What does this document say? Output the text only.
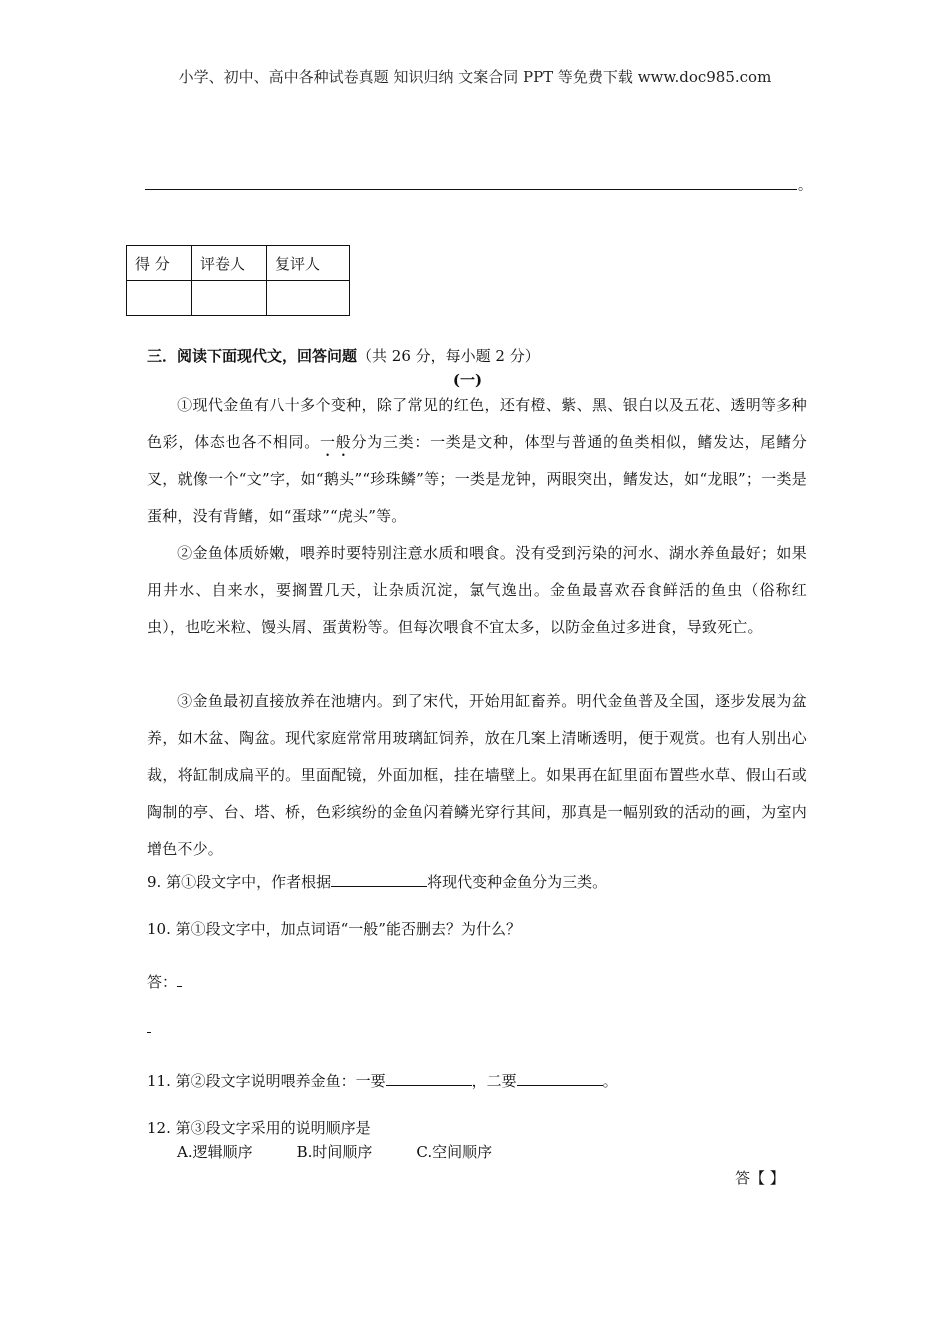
小学、初中、高中各种试卷真题 知识归纳 文案合同 PPT 等免费下载 www.doc985.com
。
得 分	评卷人	复评人

三．阅读下面现代文，回答问题（共 26 分，每小题 2 分）
(一)
①现代金鱼有八十多个变种，除了常见的红色，还有橙、紫、黑、银白以及五花、透明等多种色彩，体态也各不相同。一般分为三类：一类是文种，体型与普通的鱼类相似，鳍发达，尾鳍分叉，就像一个“文”字，如“鹅头”“珍珠鳞”等；一类是龙钟，两眼突出，鳍发达，如“龙眼”；一类是蛋种，没有背鳍，如“蛋球”“虎头”等。
②金鱼体质娇嫩，喂养时要特别注意水质和喂食。没有受到污染的河水、湖水养鱼最好；如果用井水、自来水，要搁置几天，让杂质沉淀，氯气逸出。金鱼最喜欢吞食鲜活的鱼虫（俗称红虫），也吃米粒、馒头屑、蛋黄粉等。但每次喂食不宜太多，以防金鱼过多进食，导致死亡。
③金鱼最初直接放养在池塘内。到了宋代，开始用缸畜养。明代金鱼普及全国，逐步发展为盆养，如木盆、陶盆。现代家庭常常用玻璃缸饲养，放在几案上清晰透明，便于观赏。也有人别出心裁，将缸制成扁平的。里面配镜，外面加框，挂在墙壁上。如果再在缸里面布置些水草、假山石或陶制的亭、台、塔、桥，色彩缤纷的金鱼闪着鳞光穿行其间，那真是一幅别致的活动的画，为室内增色不少。
9. 第①段文字中，作者根据	将现代变种金鱼分为三类。
10. 第①段文字中，加点词语“一般”能否删去？为什么？
答：
11. 第②段文字说明喂养金鱼：一要	，二要	。
12. 第③段文字采用的说明顺序是
A.逻辑顺序	B.时间顺序	C.空间顺序
答【 】
